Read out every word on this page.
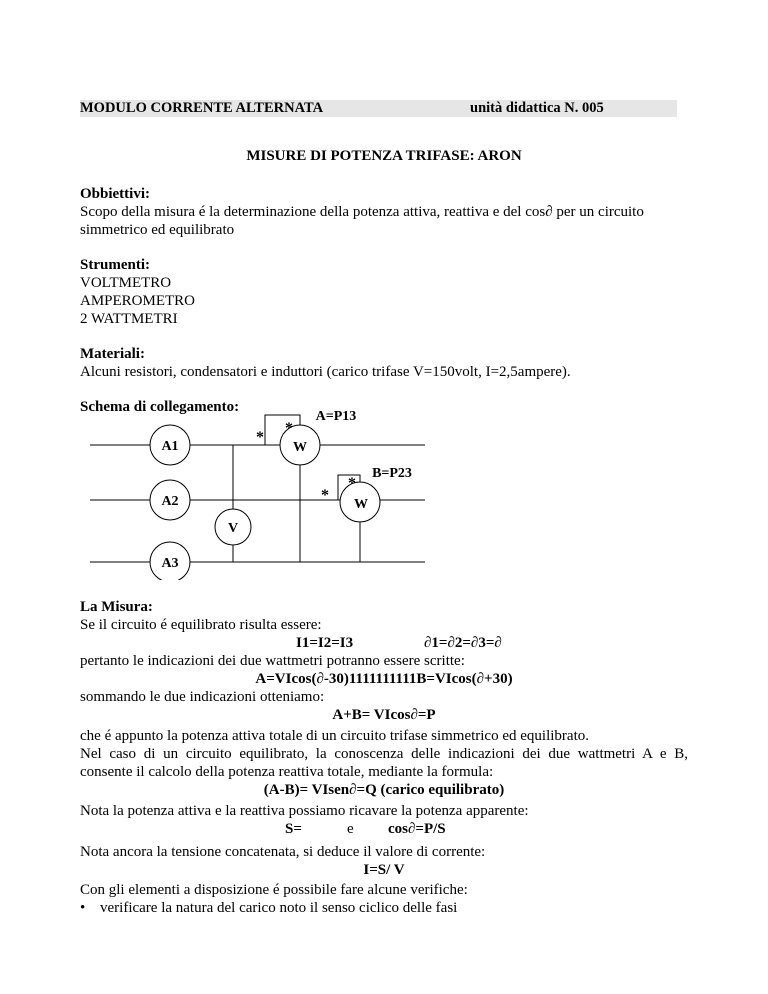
MODULO CORRENTE ALTERNATA	unità didattica N. 005
MISURE DI POTENZA TRIFASE: ARON
Obbiettivi:
Scopo della misura é la determinazione della potenza attiva, reattiva e del cos∂ per un circuito
simmetrico ed equilibrato
Strumenti:
VOLTMETRO
AMPEROMETRO
2 WATTMETRI
Materiali:
Alcuni resistori, condensatori e induttori (carico trifase V=150volt, I=2,5ampere).
Schema di collegamento:
A1
A2
A3
V
W
W
A=P13
B=P23
*
*
*
*
La Misura:
Se il circuito é equilibrato risulta essere:
I1=I2=I3	∂1=∂2=∂3=∂
pertanto le indicazioni dei due wattmetri potranno essere scritte:
A=VIcos(∂-30)1111111111B=VIcos(∂+30)
sommando le due indicazioni otteniamo:
A+B= VIcos∂=P
che é appunto la potenza attiva totale di un circuito trifase simmetrico ed equilibrato.
Nel caso di un circuito equilibrato, la conoscenza delle indicazioni dei due wattmetri A e B,
consente il calcolo della potenza reattiva totale, mediante la formula:
(A-B)= VIsen∂=Q (carico equilibrato)
Nota la potenza attiva e la reattiva possiamo ricavare la potenza apparente:
S=	e cos∂=P/S
Nota ancora la tensione concatenata, si deduce il valore di corrente:
I=S/ V
Con gli elementi a disposizione é possibile fare alcune verifiche:
• verificare la natura del carico noto il senso ciclico delle fasi
